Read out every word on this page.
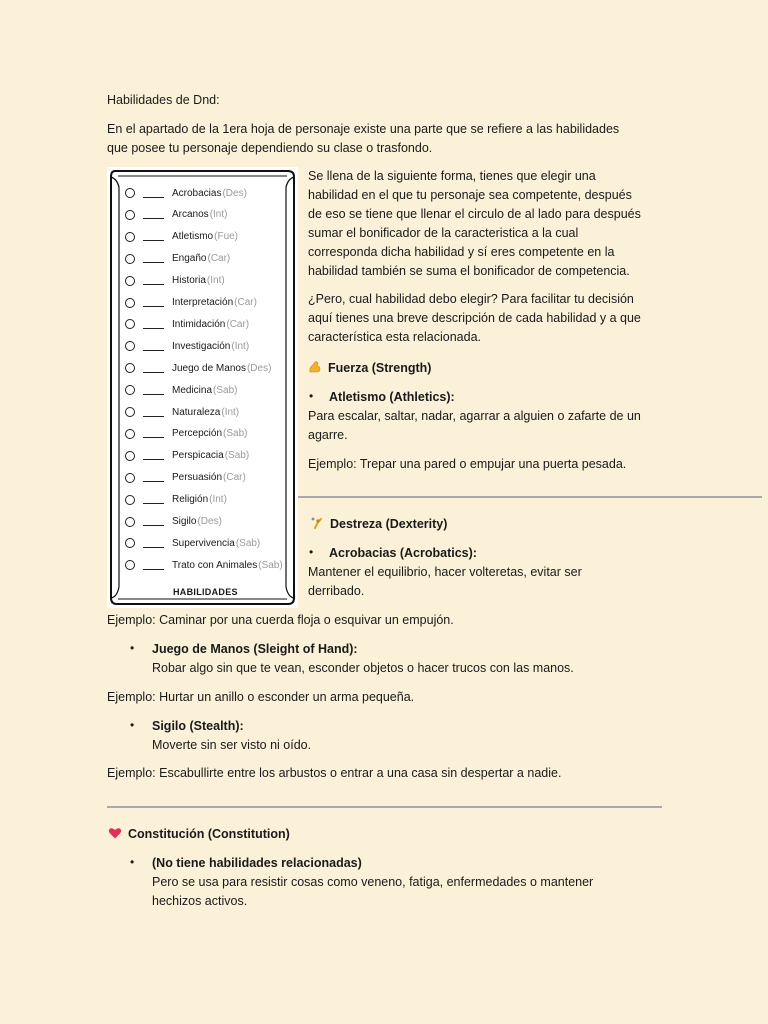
Habilidades de Dnd:

En el apartado de la 1era hoja de personaje existe una parte que se refiere a las habilidades

que posee tu personaje dependiendo su clase o trasfondo.

Acrobacias (Des)
Arcanos (Int)
Atletismo (Fue)
Engaño (Car)
Historia (Int)
Interpretación (Car)
Intimidación (Car)
Investigación (Int)
Juego de Manos (Des)
Medicina (Sab)
Naturaleza (Int)
Percepción (Sab)
Perspicacia (Sab)
Persuasión (Car)
Religión (Int)
Sigilo (Des)
Supervivencia (Sab)
Trato con Animales (Sab)
HABILIDADES

Se llena de la siguiente forma, tienes que elegir una

habilidad en el que tu personaje sea competente, después

de eso se tiene que llenar el circulo de al lado para después

sumar el bonificador de la caracteristica a la cual

corresponda dicha habilidad y sí eres competente en la

habilidad también se suma el bonificador de competencia.

¿Pero, cual habilidad debo elegir? Para facilitar tu decisión

aquí tienes una breve descripción de cada habilidad y a que

característica esta relacionada.

Fuerza (Strength)
• Atletismo (Athletics):

Para escalar, saltar, nadar, agarrar a alguien o zafarte de un

agarre.

Ejemplo: Trepar una pared o empujar una puerta pesada.

Destreza (Dexterity)
• Acrobacias (Acrobatics):

Mantener el equilibrio, hacer volteretas, evitar ser

derribado.

Ejemplo: Caminar por una cuerda floja o esquivar un empujón.

• Juego de Manos (Sleight of Hand):

Robar algo sin que te vean, esconder objetos o hacer trucos con las manos.

Ejemplo: Hurtar un anillo o esconder un arma pequeña.

• Sigilo (Stealth):

Moverte sin ser visto ni oído.

Ejemplo: Escabullirte entre los arbustos o entrar a una casa sin despertar a nadie.

Constitución (Constitution)
• (No tiene habilidades relacionadas)

Pero se usa para resistir cosas como veneno, fatiga, enfermedades o mantener

hechizos activos.
